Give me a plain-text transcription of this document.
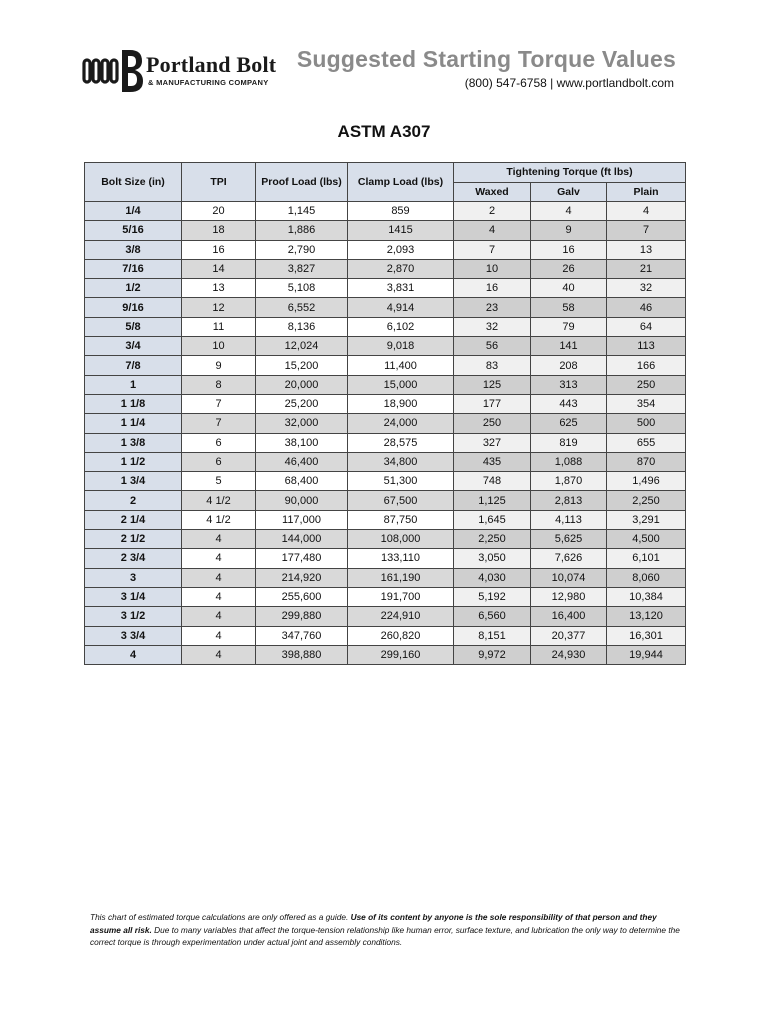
Portland Bolt
& MANUFACTURING COMPANY
Suggested Starting Torque Values
(800) 547-6758 | www.portlandbolt.com
ASTM A307
Bolt Size (in)	TPI	Proof Load (lbs)	Clamp Load (lbs)	Tightening Torque (ft lbs)		
				Waxed	Galv	Plain
1/4	20	1,145	859	2	4	4
5/16	18	1,886	1415	4	9	7
3/8	16	2,790	2,093	7	16	13
7/16	14	3,827	2,870	10	26	21
1/2	13	5,108	3,831	16	40	32
9/16	12	6,552	4,914	23	58	46
5/8	11	8,136	6,102	32	79	64
3/4	10	12,024	9,018	56	141	113
7/8	9	15,200	11,400	83	208	166
1	8	20,000	15,000	125	313	250
1 1/8	7	25,200	18,900	177	443	354
1 1/4	7	32,000	24,000	250	625	500
1 3/8	6	38,100	28,575	327	819	655
1 1/2	6	46,400	34,800	435	1,088	870
1 3/4	5	68,400	51,300	748	1,870	1,496
2	4 1/2	90,000	67,500	1,125	2,813	2,250
2 1/4	4 1/2	117,000	87,750	1,645	4,113	3,291
2 1/2	4	144,000	108,000	2,250	5,625	4,500
2 3/4	4	177,480	133,110	3,050	7,626	6,101
3	4	214,920	161,190	4,030	10,074	8,060
3 1/4	4	255,600	191,700	5,192	12,980	10,384
3 1/2	4	299,880	224,910	6,560	16,400	13,120
3 3/4	4	347,760	260,820	8,151	20,377	16,301
4	4	398,880	299,160	9,972	24,930	19,944
This chart of estimated torque calculations are only offered as a guide. Use of its content by anyone is the sole responsibility of that person and they assume all risk. Due to many variables that affect the torque-tension relationship like human error, surface texture, and lubrication the only way to determine the correct torque is through experimentation under actual joint and assembly conditions.
